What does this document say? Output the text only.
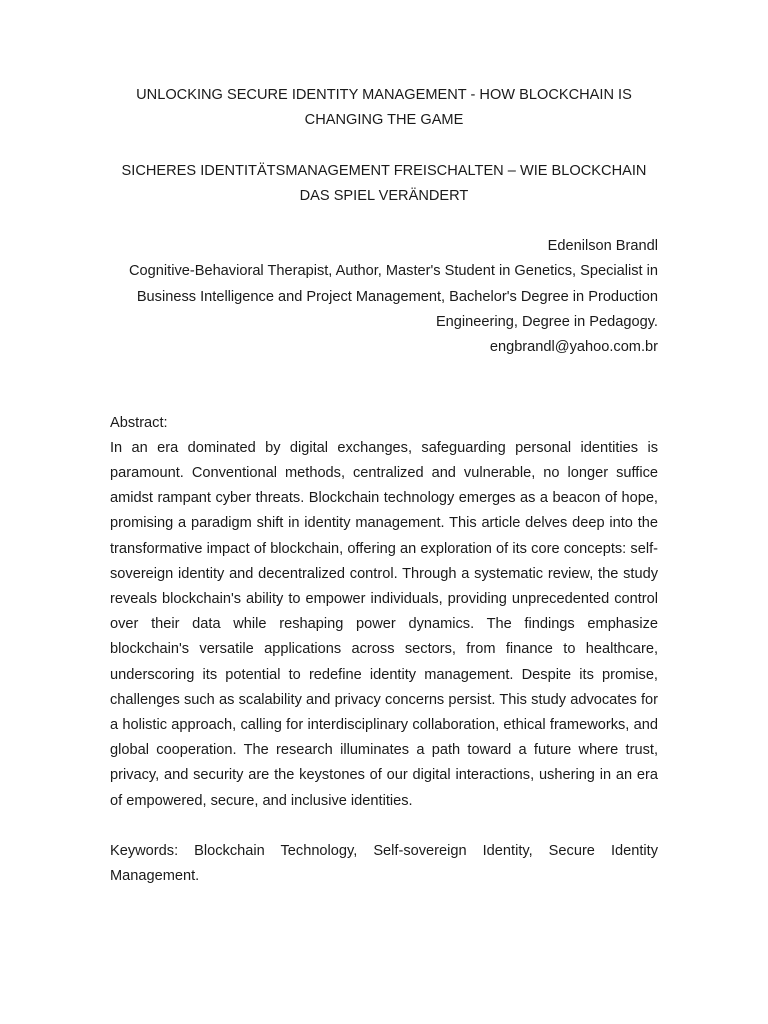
UNLOCKING SECURE IDENTITY MANAGEMENT - HOW BLOCKCHAIN IS CHANGING THE GAME

SICHERES IDENTITÄTSMANAGEMENT FREISCHALTEN – WIE BLOCKCHAIN DAS SPIEL VERÄNDERT

Edenilson Brandl
Cognitive-Behavioral Therapist, Author, Master's Student in Genetics, Specialist in Business Intelligence and Project Management, Bachelor's Degree in Production Engineering, Degree in Pedagogy.
engbrandl@yahoo.com.br
Abstract:

In an era dominated by digital exchanges, safeguarding personal identities is paramount. Conventional methods, centralized and vulnerable, no longer suffice amidst rampant cyber threats. Blockchain technology emerges as a beacon of hope, promising a paradigm shift in identity management. This article delves deep into the transformative impact of blockchain, offering an exploration of its core concepts: self-sovereign identity and decentralized control. Through a systematic review, the study reveals blockchain's ability to empower individuals, providing unprecedented control over their data while reshaping power dynamics. The findings emphasize blockchain's versatile applications across sectors, from finance to healthcare, underscoring its potential to redefine identity management. Despite its promise, challenges such as scalability and privacy concerns persist. This study advocates for a holistic approach, calling for interdisciplinary collaboration, ethical frameworks, and global cooperation. The research illuminates a path toward a future where trust, privacy, and security are the keystones of our digital interactions, ushering in an era of empowered, secure, and inclusive identities.

Keywords: Blockchain Technology, Self-sovereign Identity, Secure Identity Management.
